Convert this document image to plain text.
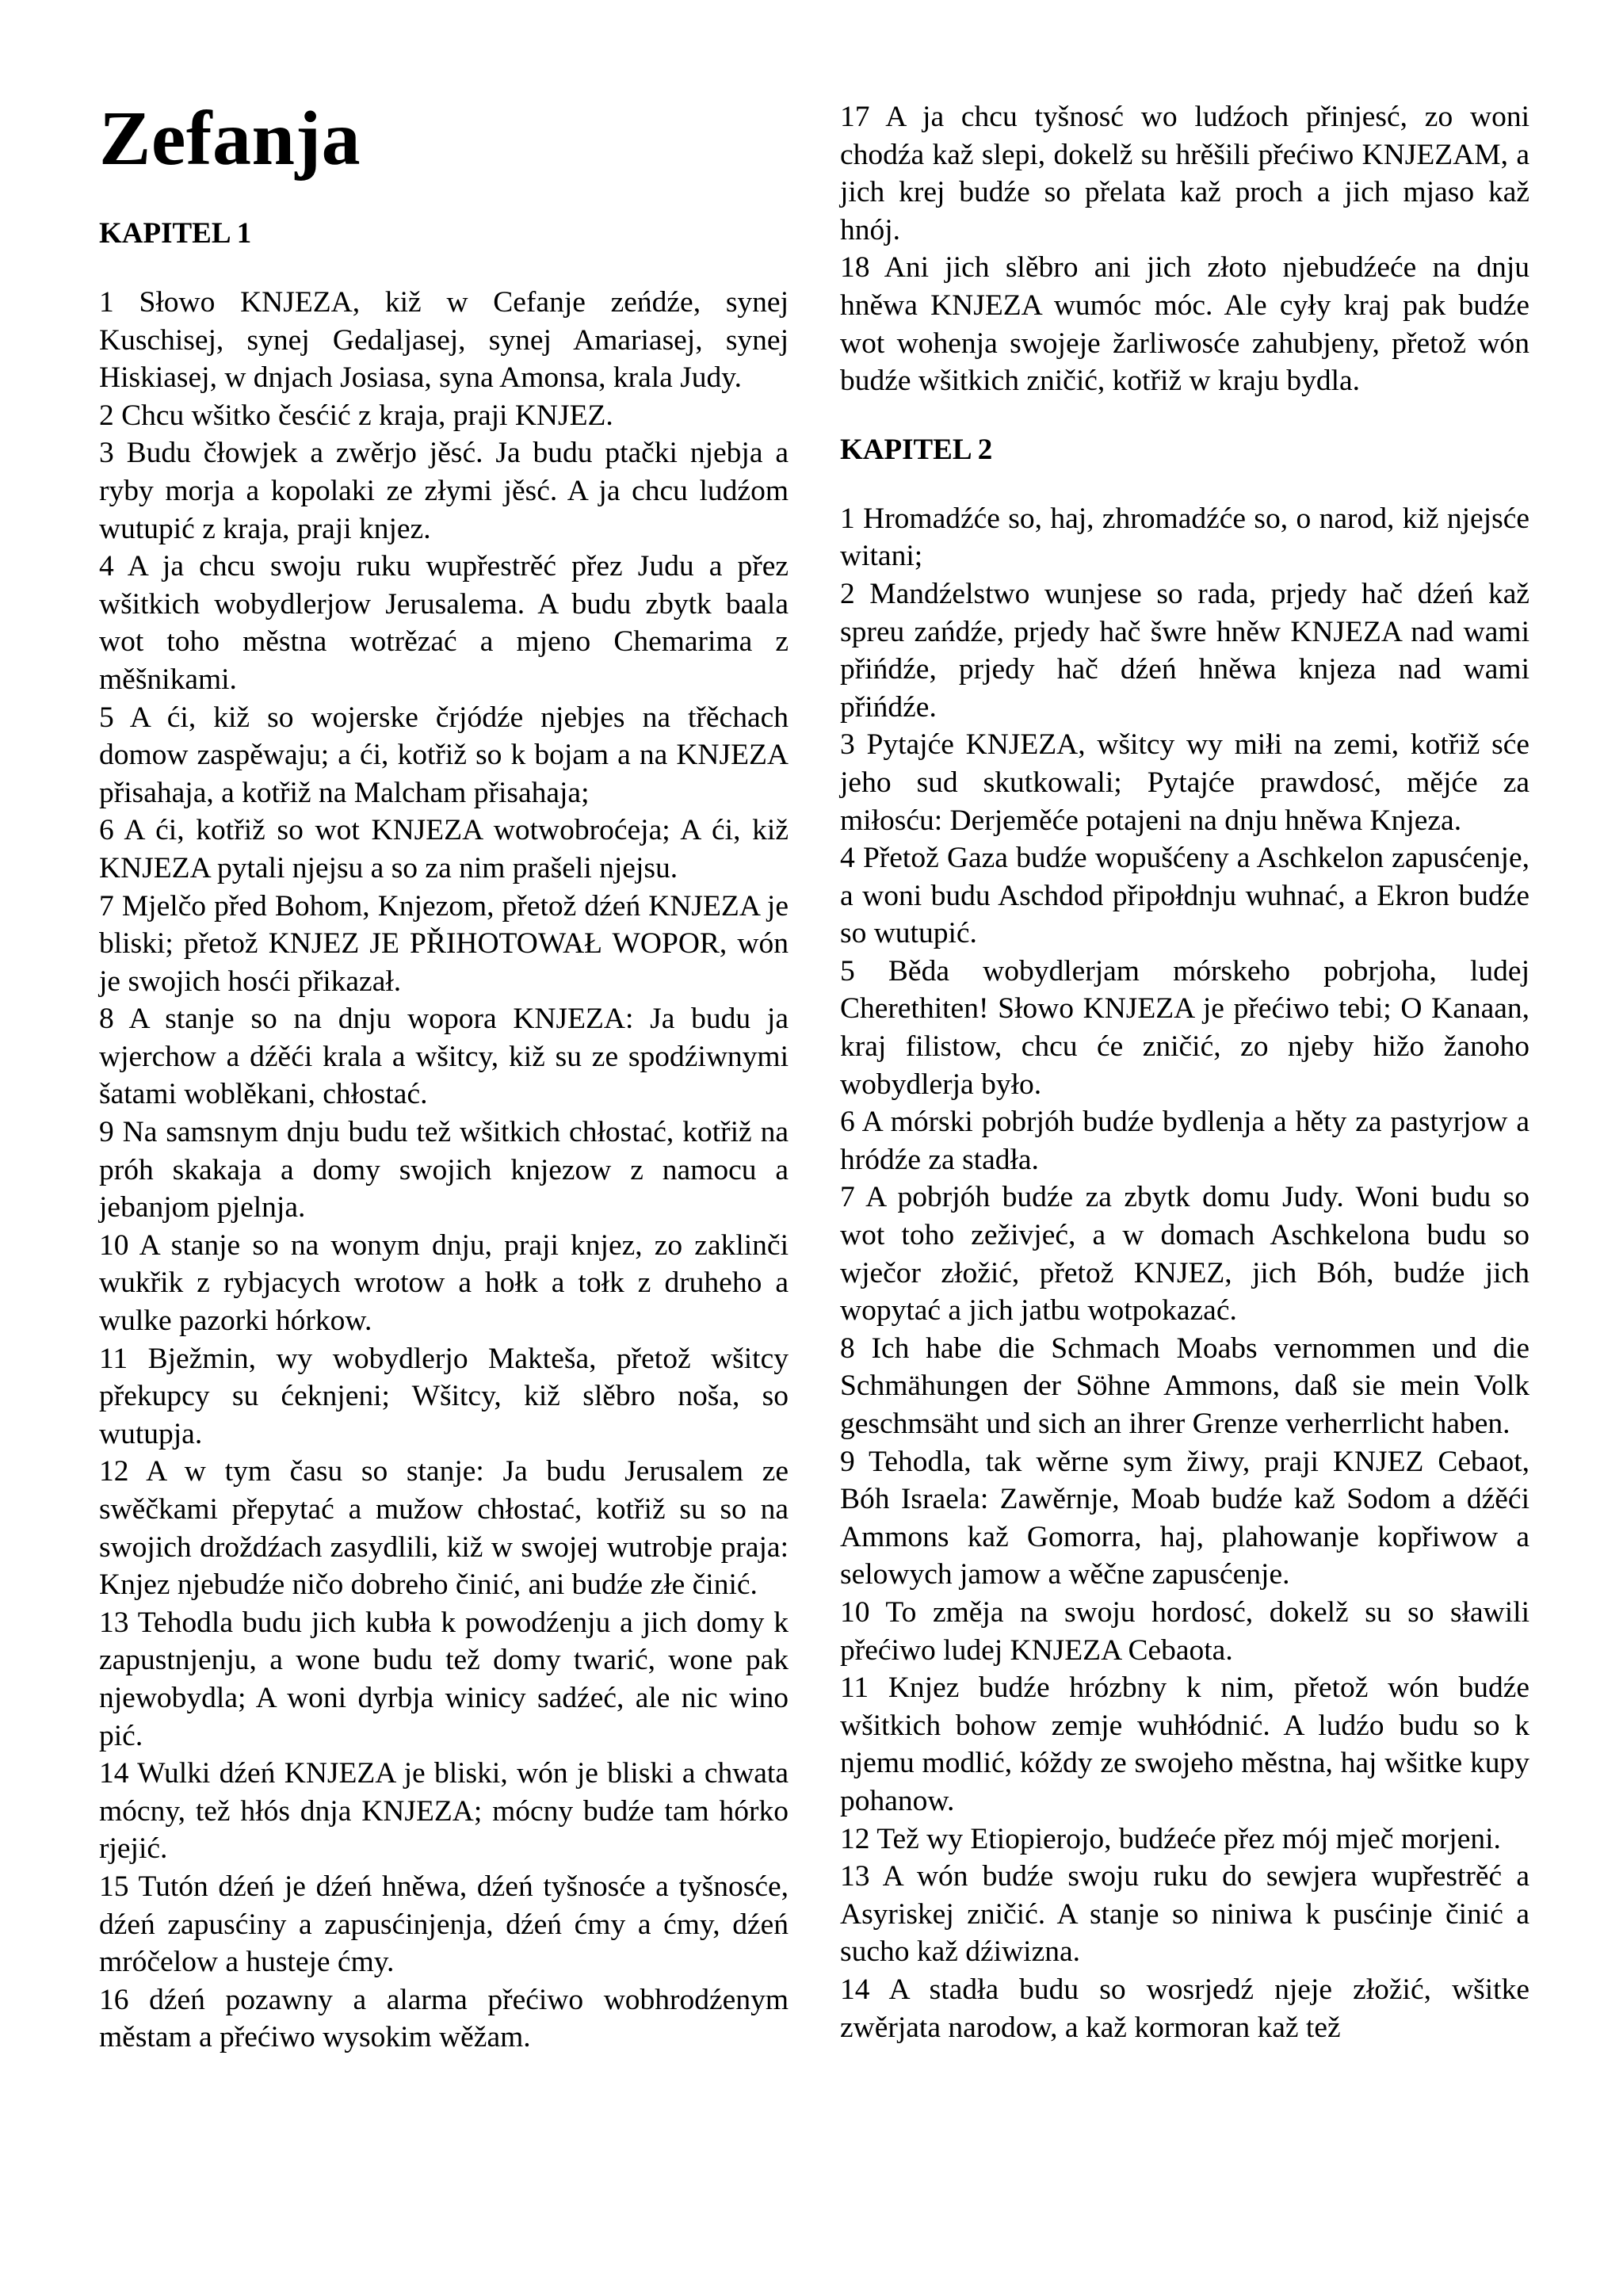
Zefanja
KAPITEL 1

1 Słowo KNJEZA, kiž w Cefanje zeńdźe, synej Kuschisej, synej Gedaljasej, synej Amariasej, synej Hiskiasej, w dnjach Josiasa, syna Amonsa, krala Judy.

2 Chcu wšitko česćić z kraja, praji KNJEZ.

3 Budu čłowjek a zwěrjo jěsć. Ja budu ptački njebja a ryby morja a kopolaki ze złymi jěsć. A ja chcu ludźom wutupić z kraja, praji knjez.

4 A ja chcu swoju ruku wupřestrěć přez Judu a přez wšitkich wobydlerjow Jerusalema. A budu zbytk baala wot toho městna wotrězać a mjeno Chemarima z měšnikami.

5 A ći, kiž so wojerske črjódźe njebjes na třěchach domow zaspěwaju; a ći, kotřiž so k bojam a na KNJEZA přisahaja, a kotřiž na Malcham přisahaja;

6 A ći, kotřiž so wot KNJEZA wotwobroćeja; A ći, kiž KNJEZA pytali njejsu a so za nim prašeli njejsu.

7 Mjelčo před Bohom, Knjezom, přetož dźeń KNJEZA je bliski; přetož KNJEZ JE PŘIHOTOWAŁ WOPOR, wón je swojich hosći přikazał.

8 A stanje so na dnju wopora KNJEZA: Ja budu ja wjerchow a dźěći krala a wšitcy, kiž su ze spodźiwnymi šatami woblěkani, chłostać.

9 Na samsnym dnju budu tež wšitkich chłostać, kotřiž na próh skakaja a domy swojich knjezow z namocu a jebanjom pjelnja.

10 A stanje so na wonym dnju, praji knjez, zo zaklinči wukřik z rybjacych wrotow a hołk a tołk z druheho a wulke pazorki hórkow.

11 Bježmin, wy wobydlerjo Makteša, přetož wšitcy překupcy su ćeknjeni; Wšitcy, kiž slěbro noša, so wutupja.

12 A w tym času so stanje: Ja budu Jerusalem ze swěčkami přepytać a mužow chłostać, kotřiž su so na swojich droždźach zasydlili, kiž w swojej wutrobje praja: Knjez njebudźe ničo dobreho činić, ani budźe złe činić.

13 Tehodla budu jich kubła k powodźenju a jich domy k zapustnjenju, a wone budu tež domy twarić, wone pak njewobydla; A woni dyrbja winicy sadźeć, ale nic wino pić.

14 Wulki dźeń KNJEZA je bliski, wón je bliski a chwata mócny, tež hłós dnja KNJEZA; mócny budźe tam hórko rjejić.

15 Tutón dźeń je dźeń hněwa, dźeń tyšnosće a tyšnosće, dźeń zapusćiny a zapusćinjenja, dźeń ćmy a ćmy, dźeń mróčelow a husteje ćmy.

16 dźeń pozawny a alarma přećiwo wobhrodźenym městam a přećiwo wysokim wěžam.

17 A ja chcu tyšnosć wo ludźoch přinjesć, zo woni chodźa kaž slepi, dokelž su hrěšili přećiwo KNJEZAM, a jich krej budźe so přelata kaž proch a jich mjaso kaž hnój.

18 Ani jich slěbro ani jich złoto njebudźeće na dnju hněwa KNJEZA wumóc móc. Ale cyły kraj pak budźe wot wohenja swojeje žarliwosće zahubjeny, přetož wón budźe wšitkich zničić, kotřiž w kraju bydla.

KAPITEL 2

1 Hromadźće so, haj, zhromadźće so, o narod, kiž njejsće witani;

2 Mandźelstwo wunjese so rada, prjedy hač dźeń kaž spreu zańdźe, prjedy hač šwre hněw KNJEZA nad wami přińdźe, prjedy hač dźeń hněwa knjeza nad wami přińdźe.

3 Pytajće KNJEZA, wšitcy wy miłi na zemi, kotřiž sće jeho sud skutkowali; Pytajće prawdosć, mějće za miłosću: Derjeměće potajeni na dnju hněwa Knjeza.

4 Přetož Gaza budźe wopušćeny a Aschkelon zapusćenje, a woni budu Aschdod připołdnju wuhnać, a Ekron budźe so wutupić.

5 Běda wobydlerjam mórskeho pobrjoha, ludej Cherethiten! Słowo KNJEZA je přećiwo tebi; O Kanaan, kraj filistow, chcu će zničić, zo njeby hižo žanoho wobydlerja było.

6 A mórski pobrjóh budźe bydlenja a hěty za pastyrjow a hródźe za stadła.

7 A pobrjóh budźe za zbytk domu Judy. Woni budu so wot toho zeživjeć, a w domach Aschkelona budu so wječor złožić, přetož KNJEZ, jich Bóh, budźe jich wopytać a jich jatbu wotpokazać.

8 Ich habe die Schmach Moabs vernommen und die Schmähungen der Söhne Ammons, daß sie mein Volk geschmsäht und sich an ihrer Grenze verherrlicht haben.

9 Tehodla, tak wěrne sym žiwy, praji KNJEZ Cebaot, Bóh Israela: Zawěrnje, Moab budźe kaž Sodom a dźěći Ammons kaž Gomorra, haj, plahowanje kopřiwow a selowych jamow a wěčne zapusćenje.

10 To změja na swoju hordosć, dokelž su so sławili přećiwo ludej KNJEZA Cebaota.

11 Knjez budźe hrózbny k nim, přetož wón budźe wšitkich bohow zemje wuhłódnić. A ludźo budu so k njemu modlić, kóždy ze swojeho městna, haj wšitke kupy pohanow.

12 Tež wy Etiopierojo, budźeće přez mój mječ morjeni.

13 A wón budźe swoju ruku do sewjera wupřestrěć a Asyriskej zničić. A stanje so niniwa k pusćinje činić a sucho kaž dźiwizna.

14 A stadła budu so wosrjedź njeje złožić, wšitke zwěrjata narodow, a kaž kormoran kaž tež
